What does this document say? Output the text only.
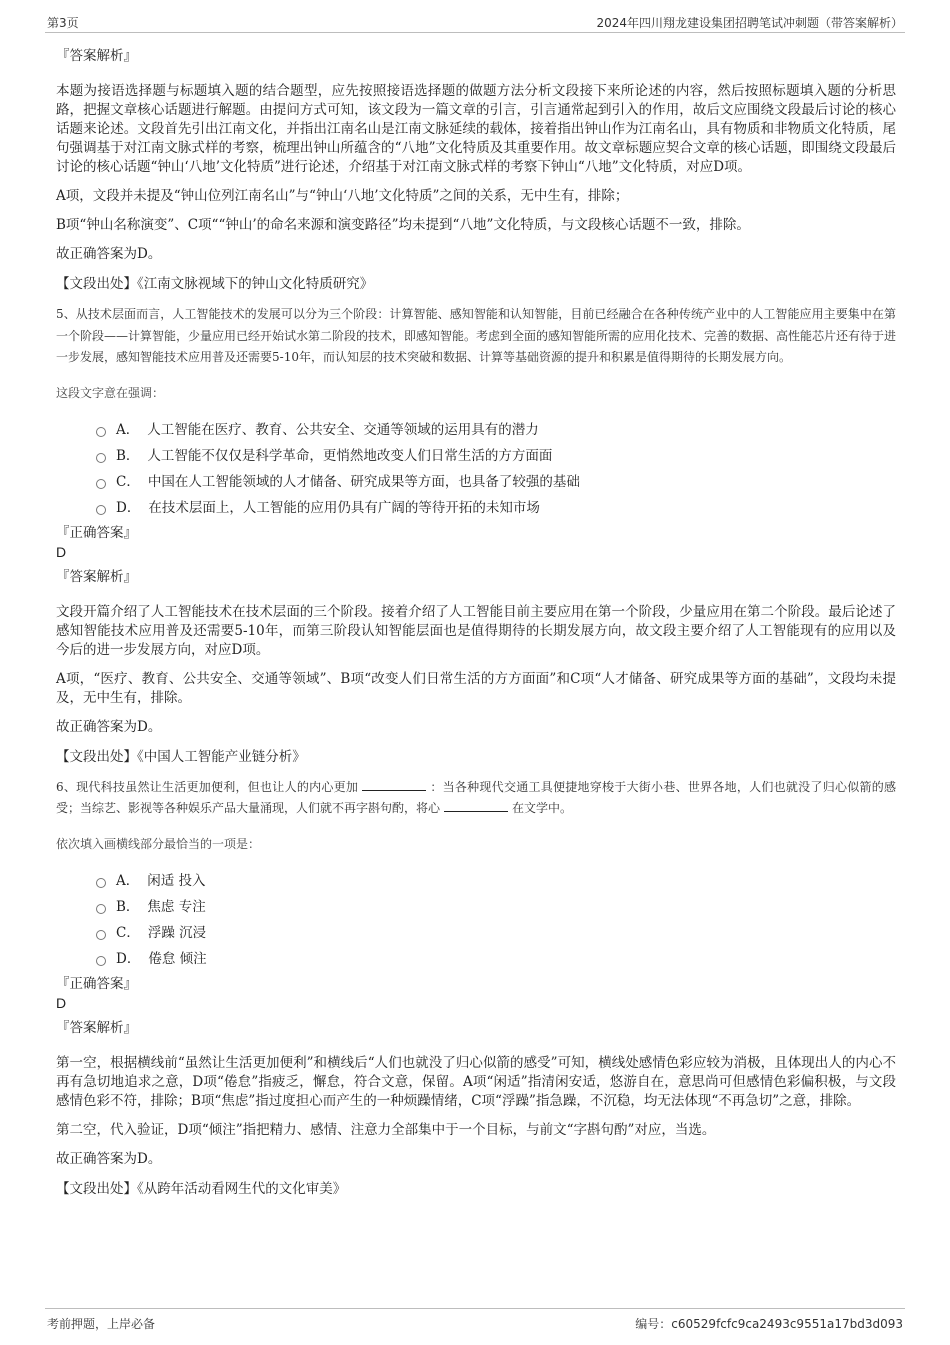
第3页	2024年四川翔龙建设集团招聘笔试冲刺题（带答案解析）
『答案解析』
本题为接语选择题与标题填入题的结合题型，应先按照接语选择题的做题方法分析文段接下来所论述的内容，然后按照标题填入题的分析思路，把握文章核心话题进行解题。由提问方式可知，该文段为一篇文章的引言，引言通常起到引入的作用，故后文应围绕文段最后讨论的核心话题来论述。文段首先引出江南文化，并指出江南名山是江南文脉延续的载体，接着指出钟山作为江南名山，具有物质和非物质文化特质，尾句强调基于对江南文脉式样的考察，梳理出钟山所蕴含的“八地”文化特质及其重要作用。故文章标题应契合文章的核心话题，即围绕文段最后讨论的核心话题“钟山‘八地’文化特质”进行论述，介绍基于对江南文脉式样的考察下钟山“八地”文化特质，对应D项。
A项，文段并未提及“钟山位列江南名山”与“钟山‘八地’文化特质”之间的关系，无中生有，排除；
B项“钟山名称演变”、C项““钟山’的命名来源和演变路径”均未提到“八地”文化特质，与文段核心话题不一致，排除。
故正确答案为D。
【文段出处】《江南文脉视域下的钟山文化特质研究》
5、从技术层面而言，人工智能技术的发展可以分为三个阶段：计算智能、感知智能和认知智能，目前已经融合在各种传统产业中的人工智能应用主要集中在第一个阶段——计算智能，少量应用已经开始试水第二阶段的技术，即感知智能。考虑到全面的感知智能所需的应用化技术、完善的数据、高性能芯片还有待于进一步发展，感知智能技术应用普及还需要5-10年，而认知层的技术突破和数据、计算等基础资源的提升和积累是值得期待的长期发展方向。
这段文字意在强调：
A． 人工智能在医疗、教育、公共安全、交通等领域的运用具有的潜力
B． 人工智能不仅仅是科学革命，更悄然地改变人们日常生活的方方面面
C． 中国在人工智能领域的人才储备、研究成果等方面，也具备了较强的基础
D． 在技术层面上，人工智能的应用仍具有广阔的等待开拓的未知市场
『正确答案』
D
『答案解析』
文段开篇介绍了人工智能技术在技术层面的三个阶段。接着介绍了人工智能目前主要应用在第一个阶段，少量应用在第二个阶段。最后论述了感知智能技术应用普及还需要5-10年，而第三阶段认知智能层面也是值得期待的长期发展方向，故文段主要介绍了人工智能现有的应用以及今后的进一步发展方向，对应D项。
A项，“医疗、教育、公共安全、交通等领域”、B项“改变人们日常生活的方方面面”和C项“人才储备、研究成果等方面的基础”，文段均未提及，无中生有，排除。
故正确答案为D。
【文段出处】《中国人工智能产业链分析》
6、现代科技虽然让生活更加便利，但也让人的内心更加	：当各种现代交通工具便捷地穿梭于大街小巷、世界各地，人们也就没了归心似箭的感受；当综艺、影视等各种娱乐产品大量涌现，人们就不再字斟句酌，将心	在文学中。
依次填入画横线部分最恰当的一项是：
A． 闲适 投入
B． 焦虑 专注
C． 浮躁 沉浸
D． 倦怠 倾注
『正确答案』
D
『答案解析』
第一空，根据横线前“虽然让生活更加便利”和横线后“人们也就没了归心似箭的感受”可知，横线处感情色彩应较为消极，且体现出人的内心不再有急切地追求之意，D项“倦怠”指疲乏，懈怠，符合文意，保留。A项“闲适”指清闲安适，悠游自在，意思尚可但感情色彩偏积极，与文段感情色彩不符，排除；B项“焦虑”指过度担心而产生的一种烦躁情绪，C项“浮躁”指急躁，不沉稳，均无法体现“不再急切”之意，排除。
第二空，代入验证，D项“倾注”指把精力、感情、注意力全部集中于一个目标，与前文“字斟句酌”对应，当选。
故正确答案为D。
【文段出处】《从跨年活动看网生代的文化审美》
考前押题，上岸必备	编号：c60529fcfc9ca2493c9551a17bd3d093
